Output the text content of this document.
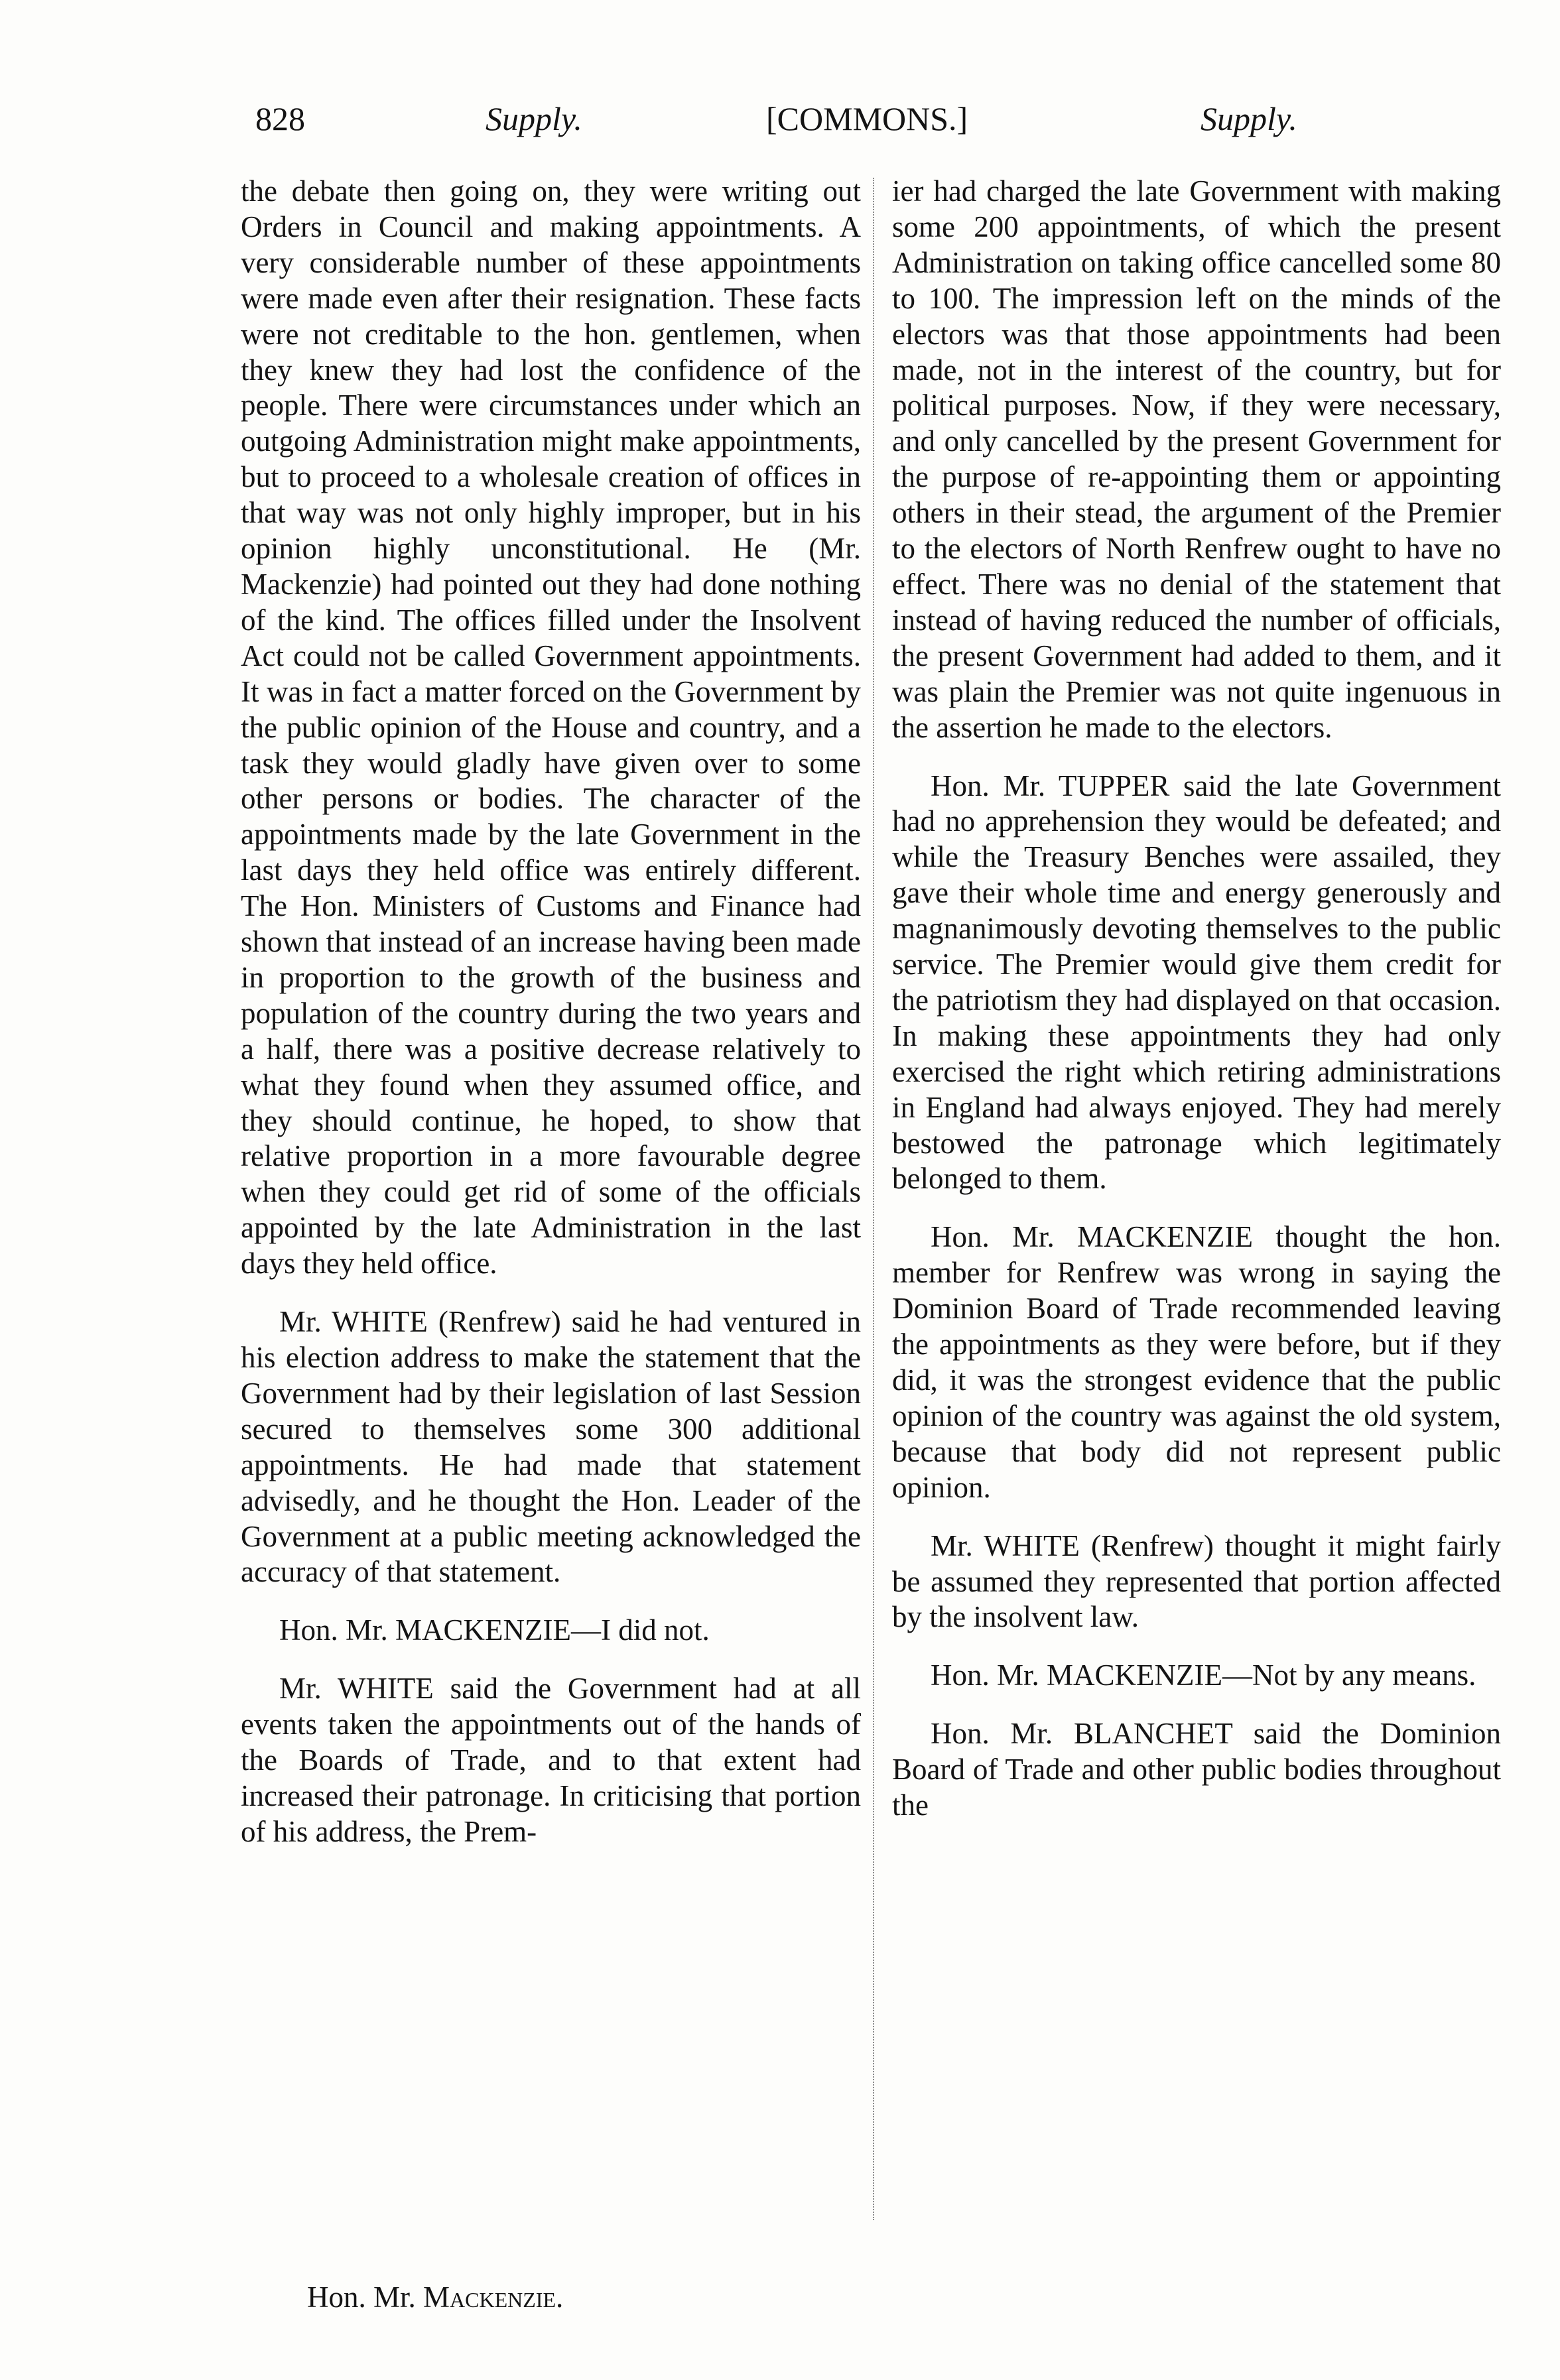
828	Supply.	[COMMONS.]	Supply.

the debate then going on, they were writing out Orders in Council and making appointments. A very considerable number of these appointments were made even after their resignation. These facts were not creditable to the hon. gentlemen, when they knew they had lost the confidence of the people. There were circumstances under which an outgoing Administration might make appointments, but to proceed to a wholesale creation of offices in that way was not only highly improper, but in his opinion highly unconstitutional. He (Mr. Mackenzie) had pointed out they had done nothing of the kind. The offices filled under the Insolvent Act could not be called Government appointments. It was in fact a matter forced on the Government by the public opinion of the House and country, and a task they would gladly have given over to some other persons or bodies. The character of the appointments made by the late Government in the last days they held office was entirely different. The Hon. Ministers of Customs and Finance had shown that instead of an increase having been made in proportion to the growth of the business and population of the country during the two years and a half, there was a positive decrease relatively to what they found when they assumed office, and they should continue, he hoped, to show that relative proportion in a more favourable degree when they could get rid of some of the officials appointed by the late Administration in the last days they held office.

Mr. WHITE (Renfrew) said he had ventured in his election address to make the statement that the Government had by their legislation of last Session secured to themselves some 300 additional appointments. He had made that statement advisedly, and he thought the Hon. Leader of the Government at a public meeting acknowledged the accuracy of that statement.

Hon. Mr. MACKENZIE—I did not.

Mr. WHITE said the Government had at all events taken the appointments out of the hands of the Boards of Trade, and to that extent had increased their patronage. In criticising that portion of his address, the Prem-

ier had charged the late Government with making some 200 appointments, of which the present Administration on taking office cancelled some 80 to 100. The impression left on the minds of the electors was that those appointments had been made, not in the interest of the country, but for political purposes. Now, if they were necessary, and only cancelled by the present Government for the purpose of re-appointing them or appointing others in their stead, the argument of the Premier to the electors of North Renfrew ought to have no effect. There was no denial of the statement that instead of having reduced the number of officials, the present Government had added to them, and it was plain the Premier was not quite ingenuous in the assertion he made to the electors.

Hon. Mr. TUPPER said the late Government had no apprehension they would be defeated; and while the Treasury Benches were assailed, they gave their whole time and energy generously and magnanimously devoting themselves to the public service. The Premier would give them credit for the patriotism they had displayed on that occasion. In making these appointments they had only exercised the right which retiring administrations in England had always enjoyed. They had merely bestowed the patronage which legitimately belonged to them.

Hon. Mr. MACKENZIE thought the hon. member for Renfrew was wrong in saying the Dominion Board of Trade recommended leaving the appointments as they were before, but if they did, it was the strongest evidence that the public opinion of the country was against the old system, because that body did not represent public opinion.

Mr. WHITE (Renfrew) thought it might fairly be assumed they represented that portion affected by the insolvent law.

Hon. Mr. MACKENZIE—Not by any means.

Hon. Mr. BLANCHET said the Dominion Board of Trade and other public bodies throughout the

Hon. Mr. Mackenzie.
